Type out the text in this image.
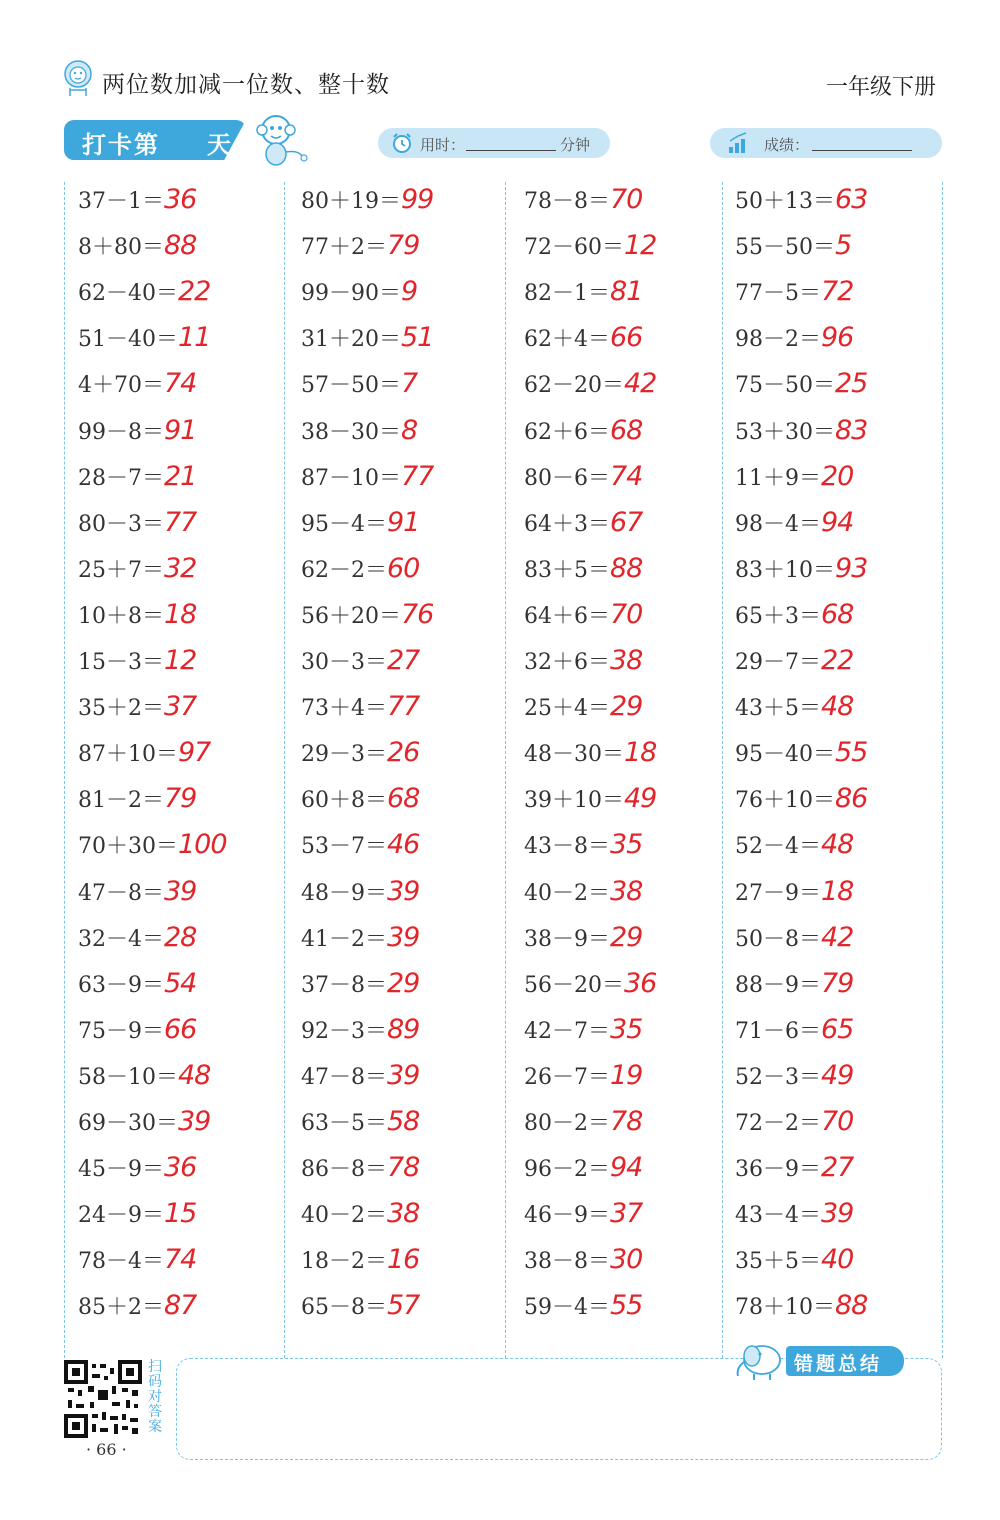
两位数加减一位数、整十数	一年级下册
打卡第 天	用时：	分钟	成绩：
37－1＝36
8＋80＝88
62－40＝22
51－40＝11
4＋70＝74
99－8＝91
28－7＝21
80－3＝77
25＋7＝32
10＋8＝18
15－3＝12
35＋2＝37
87＋10＝97
81－2＝79
70＋30＝100
47－8＝39
32－4＝28
63－9＝54
75－9＝66
58－10＝48
69－30＝39
45－9＝36
24－9＝15
78－4＝74
85＋2＝87
80＋19＝99
77＋2＝79
99－90＝9
31＋20＝51
57－50＝7
38－30＝8
87－10＝77
95－4＝91
62－2＝60
56＋20＝76
30－3＝27
73＋4＝77
29－3＝26
60＋8＝68
53－7＝46
48－9＝39
41－2＝39
37－8＝29
92－3＝89
47－8＝39
63－5＝58
86－8＝78
40－2＝38
18－2＝16
65－8＝57
78－8＝70
72－60＝12
82－1＝81
62＋4＝66
62－20＝42
62＋6＝68
80－6＝74
64＋3＝67
83＋5＝88
64＋6＝70
32＋6＝38
25＋4＝29
48－30＝18
39＋10＝49
43－8＝35
40－2＝38
38－9＝29
56－20＝36
42－7＝35
26－7＝19
80－2＝78
96－2＝94
46－9＝37
38－8＝30
59－4＝55
50＋13＝63
55－50＝5
77－5＝72
98－2＝96
75－50＝25
53＋30＝83
11＋9＝20
98－4＝94
83＋10＝93
65＋3＝68
29－7＝22
43＋5＝48
95－40＝55
76＋10＝86
52－4＝48
27－9＝18
50－8＝42
88－9＝79
71－6＝65
52－3＝49
72－2＝70
36－9＝27
43－4＝39
35＋5＝40
78＋10＝88
错题总结
扫码对答案
· 66 ·
